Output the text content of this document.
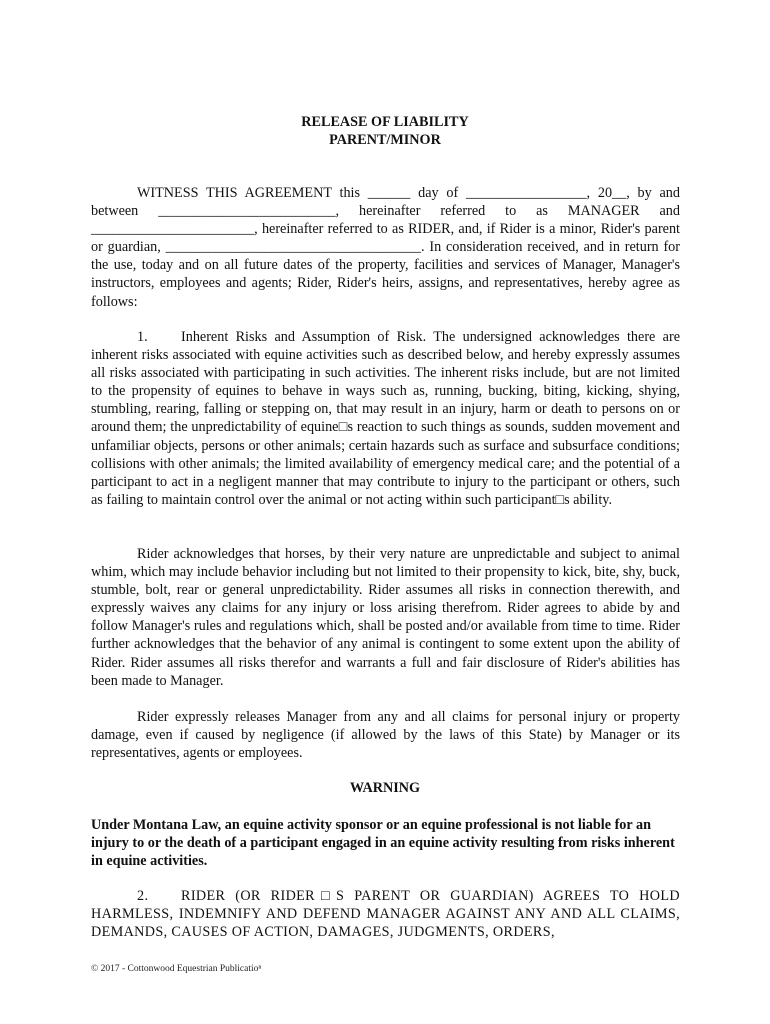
RELEASE OF LIABILITY
PARENT/MINOR

WITNESS THIS AGREEMENT this ______ day of _________________, 20__, by and between _________________________, hereinafter referred to as MANAGER and _______________________, hereinafter referred to as RIDER, and, if Rider is a minor, Rider's parent or guardian, ____________________________________. In consideration received, and in return for the use, today and on all future dates of the property, facilities and services of Manager, Manager's instructors, employees and agents; Rider, Rider's heirs, assigns, and representatives, hereby agree as follows:

1. Inherent Risks and Assumption of Risk. The undersigned acknowledges there are inherent risks associated with equine activities such as described below, and hereby expressly assumes all risks associated with participating in such activities. The inherent risks include, but are not limited to the propensity of equines to behave in ways such as, running, bucking, biting, kicking, shying, stumbling, rearing, falling or stepping on, that may result in an injury, harm or death to persons on or around them; the unpredictability of equine□s reaction to such things as sounds, sudden movement and unfamiliar objects, persons or other animals; certain hazards such as surface and subsurface conditions; collisions with other animals; the limited availability of emergency medical care; and the potential of a participant to act in a negligent manner that may contribute to injury to the participant or others, such as failing to maintain control over the animal or not acting within such participant□s ability.

Rider acknowledges that horses, by their very nature are unpredictable and subject to animal whim, which may include behavior including but not limited to their propensity to kick, bite, shy, buck, stumble, bolt, rear or general unpredictability. Rider assumes all risks in connection therewith, and expressly waives any claims for any injury or loss arising therefrom. Rider agrees to abide by and follow Manager's rules and regulations which, shall be posted and/or available from time to time. Rider further acknowledges that the behavior of any animal is contingent to some extent upon the ability of Rider. Rider assumes all risks therefor and warrants a full and fair disclosure of Rider's abilities has been made to Manager.

Rider expressly releases Manager from any and all claims for personal injury or property damage, even if caused by negligence (if allowed by the laws of this State) by Manager or its representatives, agents or employees.

WARNING

Under Montana Law, an equine activity sponsor or an equine professional is not liable for an injury to or the death of a participant engaged in an equine activity resulting from risks inherent in equine activities.

2. RIDER (OR RIDER□S PARENT OR GUARDIAN) AGREES TO HOLD HARMLESS, INDEMNIFY AND DEFEND MANAGER AGAINST ANY AND ALL CLAIMS, DEMANDS, CAUSES OF ACTION, DAMAGES, JUDGMENTS, ORDERS,

© 2017 - Cottonwood Equestrian Publicatioⁿ
